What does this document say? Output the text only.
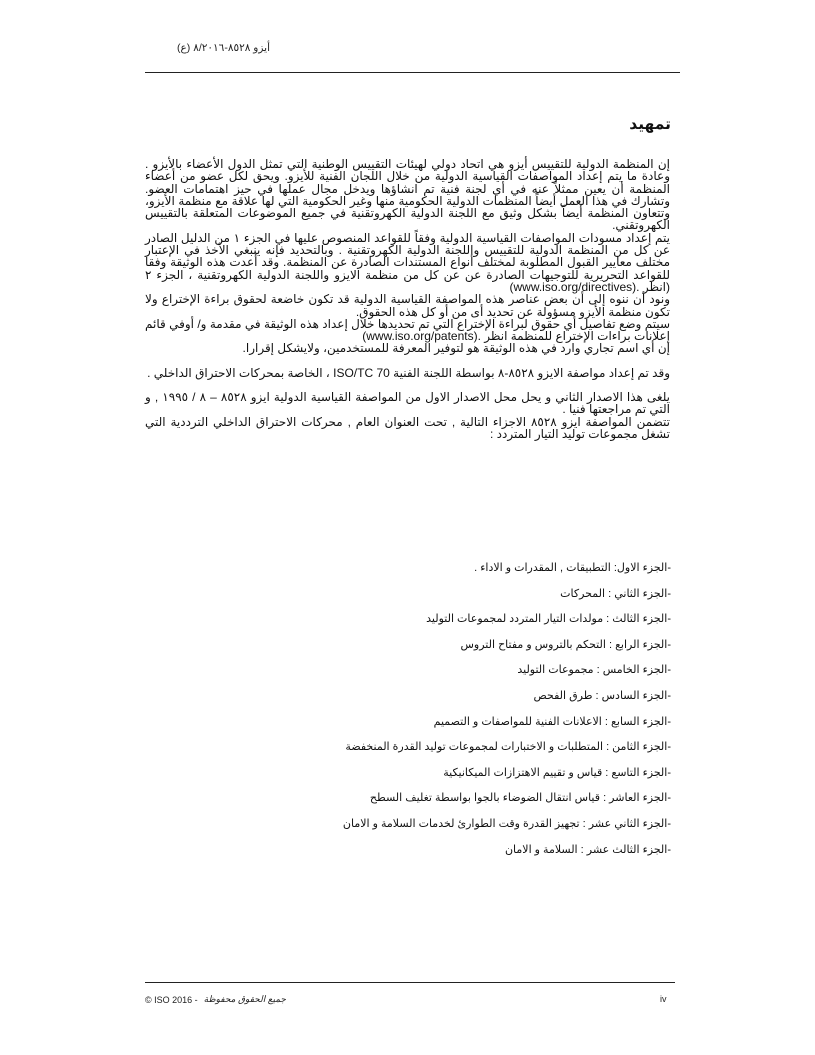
أيزو ٨٥٢٨-٨/٢٠١٦ (ع)
تمهيد

إن المنظمة الدولية للتقييس أيزو هي اتحاد دولي لهيئات التقييس الوطنية التي تمثل الدول الأعضاء بالأيزو . وعادة ما يتم إعداد المواصفات القياسية الدولية من خلال اللجان الفنية للأيزو. ويحق لكل عضو من أعضاء المنظمة أن يعين ممثلاً عنه في أي لجنة فنية تم انشاؤها ويدخل مجال عملها في حيز اهتمامات العضو. وتشارك في هذا العمل أيضاً المنظمات الدولية الحكومية منها وغير الحكومية التي لها علاقة مع منظمة الأيزو، وتتعاون المنظمة أيضاً بشكل وثيق مع اللجنة الدولية الكهروتقنية في جميع الموضوعات المتعلقة بالتقييس الكهروتقني.

يتم إعداد مسودات المواصفات القياسية الدولية وفقاً للقواعد المنصوص عليها في الجزء ١ من الدليل الصادر عن كل من المنظمة الدولية للتقييس واللجنة الدولية الكهروتقنية . وبالتحديد فإنه ينبغي الأخذ في الإعتبار مختلف معايير القبول المطلوبة لمختلف أنواع المستندات الصادرة عن المنظمة. وقد أعدت هذه الوثيقة وفقا للقواعد التحريرية للتوجيهات الصادرة عن عن كل من منظمة الايزو واللجنة الدولية الكهروتقنية ، الجزء ٢ (انظر (www.iso.org/directives).

ونود أن ننوه إلى أن بعض عناصر هذه المواصفة القياسية الدولية قد تكون خاضعة لحقوق براءة الإختراع ولا تكون منظمة الأيزو مسؤولة عن تحديد أى من أو كل هذه الحقوق.

سيتم وضع تفاصيل أي حقوق لبراءة الإختراع التي تم تحديدها خلال إعداد هذه الوثيقة في مقدمة و/ أوفي قائم إعلانات براءات الإختراع للمنظمة انظر (www.iso.org/patents).

إن أي اسم تجاري وارد في هذه الوثيقة هو لتوفير المعرفة للمستخدمين، ولايشكل إقرارا.

وقد تم إعداد مواصفة الايزو ٨٥٢٨-٨ بواسطة اللجنة الفنية ISO/TC 70 ، الخاصة بمحركات الاحتراق الداخلي .

يلغى هذا الاصدار الثاني و يحل محل الاصدار الاول من المواصفة القياسية الدولية ايزو ٨٥٢٨ – ٨ / ١٩٩٥ , و التي تم مراجعتها فنيا .

تتضمن المواصفة ايزو ٨٥٢٨ الاجزاء التالية , تحت العنوان العام , محركات الاحتراق الداخلي الترددية التي تشغل مجموعات توليد التيار المتردد :

-الجزء الاول: التطبيقات , المقدرات و الاداء .
-الجزء الثاني : المحركات
-الجزء الثالث : مولدات التيار المتردد لمجموعات التوليد
-الجزء الرابع : التحكم بالتروس و مفتاح التروس
-الجزء الخامس : مجموعات التوليد
-الجزء السادس : طرق الفحص
-الجزء السابع : الاعلانات الفنية للمواصفات و التصميم
-الجزء الثامن : المتطلبات و الاختبارات لمجموعات توليد القدرة المنخفضة
-الجزء التاسع : قياس و تقييم الاهتزازات الميكانيكية
-الجزء العاشر : قياس انتقال الضوضاء بالجوا بواسطة تغليف السطح
-الجزء الثاني عشر : تجهيز القدرة وقت الطوارئ لخدمات السلامة و الامان
-الجزء الثالث عشر : السلامة و الامان
© ISO 2016 - جميع الحقوق محفوظة	iv
